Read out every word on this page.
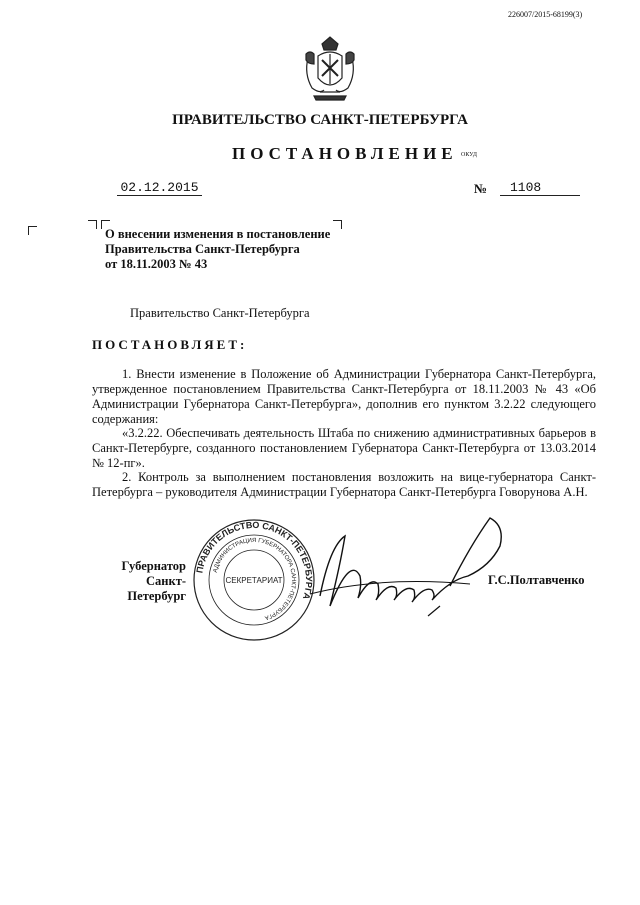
226007/2015-68199(3)
ПРАВИТЕЛЬСТВО САНКТ-ПЕТЕРБУРГА
ПОСТАНОВЛЕНИЕ ОКУД
02.12.2015	№	1108
О внесении изменения в постановление
Правительства Санкт-Петербурга
от 18.11.2003 № 43
Правительство Санкт-Петербурга
ПОСТАНОВЛЯЕТ:
1. Внести изменение в Положение об Администрации Губернатора Санкт-Петербурга, утвержденное постановлением Правительства Санкт-Петербурга от 18.11.2003 № 43 «Об Администрации Губернатора Санкт-Петербурга», дополнив его пунктом 3.2.22 следующего содержания:
«3.2.22. Обеспечивать деятельность Штаба по снижению административных барьеров в Санкт-Петербурге, созданного постановлением Губернатора Санкт-Петербурга от 13.03.2014 № 12-пг».
2. Контроль за выполнением постановления возложить на вице-губернатора Санкт-Петербурга – руководителя Администрации Губернатора Санкт-Петербурга Говорунова А.Н.
Губернатор
Санкт-Петербург
ПРАВИТЕЛЬСТВО САНКТ-ПЕТЕРБУРГА
АДМИНИСТРАЦИЯ ГУБЕРНАТОРА САНКТ-ПЕТЕРБУРГА
СЕКРЕТАРИАТ	Г.С.Полтавченко
